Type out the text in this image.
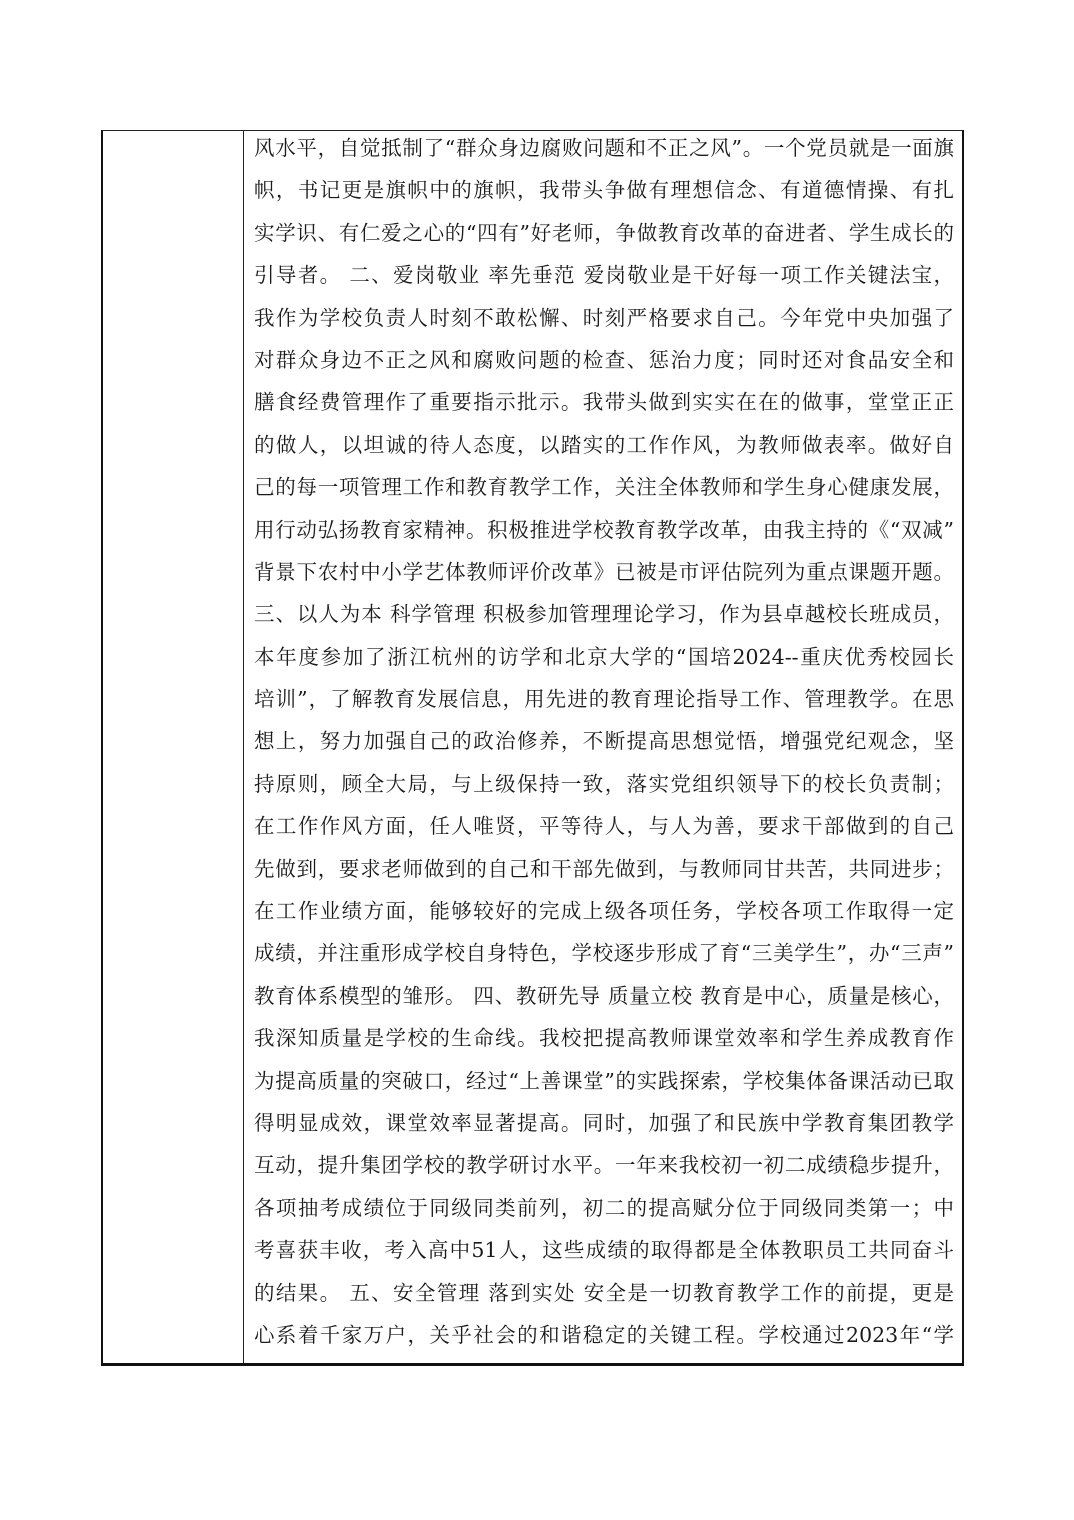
风水平，自觉抵制了“群众身边腐败问题和不正之风”。一个党员就是一面旗
帜，书记更是旗帜中的旗帜，我带头争做有理想信念、有道德情操、有扎
实学识、有仁爱之心的“四有”好老师，争做教育改革的奋进者、学生成长的
引导者。 二、爱岗敬业 率先垂范 爱岗敬业是干好每一项工作关键法宝，
我作为学校负责人时刻不敢松懈、时刻严格要求自己。今年党中央加强了
对群众身边不正之风和腐败问题的检查、惩治力度；同时还对食品安全和
膳食经费管理作了重要指示批示。我带头做到实实在在的做事，堂堂正正
的做人，以坦诚的待人态度，以踏实的工作作风，为教师做表率。做好自
己的每一项管理工作和教育教学工作，关注全体教师和学生身心健康发展，
用行动弘扬教育家精神。积极推进学校教育教学改革，由我主持的《“双减”
背景下农村中小学艺体教师评价改革》已被是市评估院列为重点课题开题。
三、以人为本 科学管理 积极参加管理理论学习，作为县卓越校长班成员，
本年度参加了浙江杭州的访学和北京大学的“国培2024--重庆优秀校园长
培训”，了解教育发展信息，用先进的教育理论指导工作、管理教学。在思
想上，努力加强自己的政治修养，不断提高思想觉悟，增强党纪观念，坚
持原则，顾全大局，与上级保持一致，落实党组织领导下的校长负责制；
在工作作风方面，任人唯贤，平等待人，与人为善，要求干部做到的自己
先做到，要求老师做到的自己和干部先做到，与教师同甘共苦，共同进步；
在工作业绩方面，能够较好的完成上级各项任务，学校各项工作取得一定
成绩，并注重形成学校自身特色，学校逐步形成了育“三美学生”，办“三声”
教育体系模型的雏形。 四、教研先导 质量立校 教育是中心，质量是核心，
我深知质量是学校的生命线。我校把提高教师课堂效率和学生养成教育作
为提高质量的突破口，经过“上善课堂”的实践探索，学校集体备课活动已取
得明显成效，课堂效率显著提高。同时，加强了和民族中学教育集团教学
互动，提升集团学校的教学研讨水平。一年来我校初一初二成绩稳步提升，
各项抽考成绩位于同级同类前列，初二的提高赋分位于同级同类第一；中
考喜获丰收，考入高中51人，这些成绩的取得都是全体教职员工共同奋斗
的结果。 五、安全管理 落到实处 安全是一切教育教学工作的前提，更是
心系着千家万户，关乎社会的和谐稳定的关键工程。学校通过2023年“学
